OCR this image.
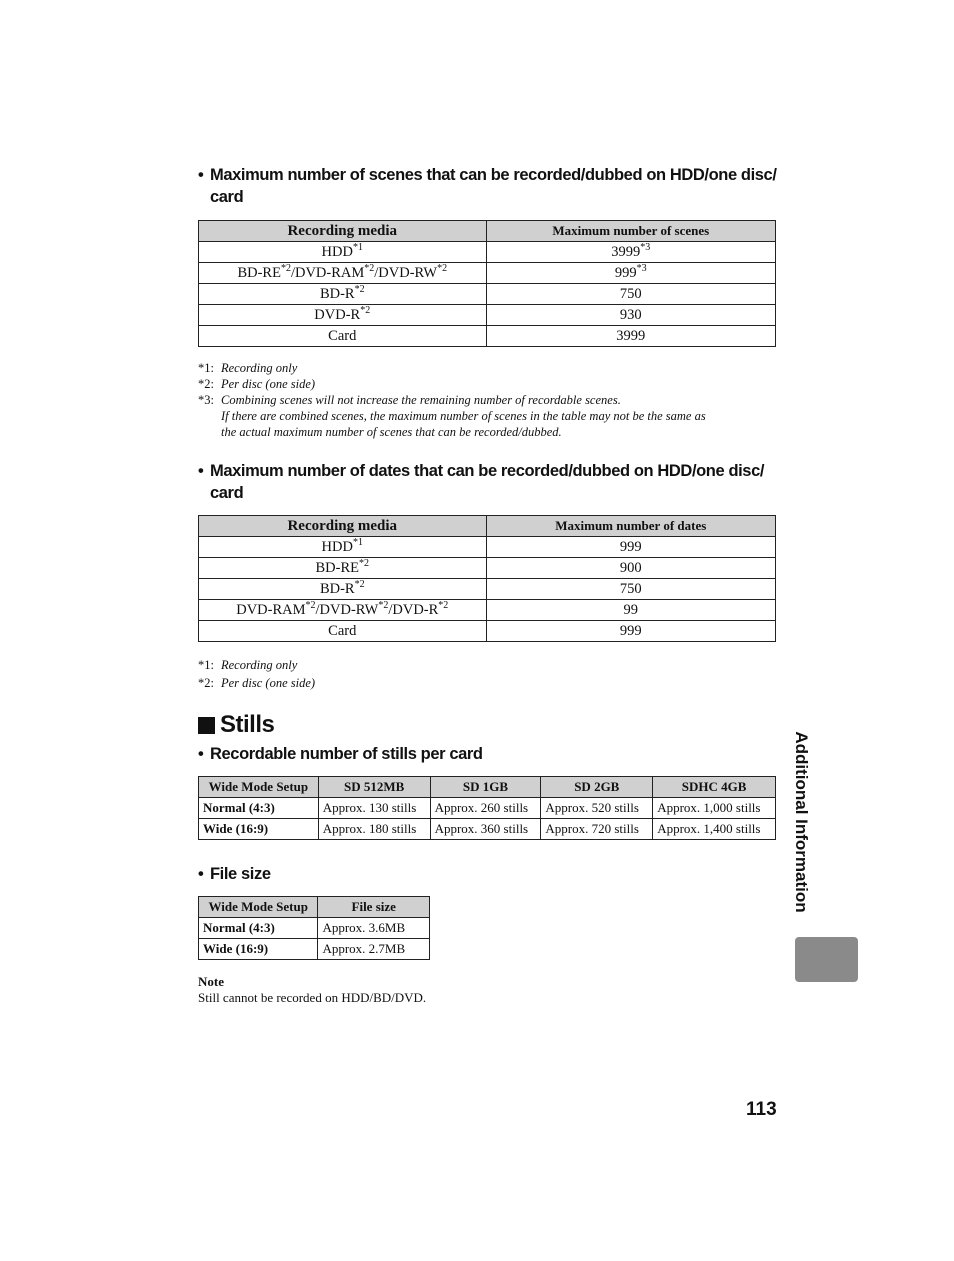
• Maximum number of scenes that can be recorded/dubbed on HDD/one disc/
card
Recording media	Maximum number of scenes
HDD$^{*1}$	3999$^{*3}$
BD-RE$^{*2}$/DVD-RAM$^{*2}$/DVD-RW$^{*2}$	999$^{*3}$
$BD-R^{*2}$	750
DVD-$R^{*2}$	930
Card	3999
*1: Recording only
*2: Per disc (one side)
*3: Combining scenes will not increase the remaining number of recordable scenes.
If there are combined scenes, the maximum number of scenes in the table may not be the same as
the actual maximum number of scenes that can be recorded/dubbed.
• Maximum number of dates that can be recorded/dubbed on HDD/one disc/
card
Recording media	Maximum number of dates
HDD$^{*1}$	999
BD-RE$^{*2}$	900
$BD-R^{*2}$	750
DVD-$RAM^{*2}/DVD-RW^{*2}/DVD-R^{*2}$	99
Card	999
*1: Recording only
*2: Per disc (one side)
Stills
• Recordable number of stills per card
Wide Mode Setup	SD 512MB	SD 1GB	SD 2GB	SDHC 4GB
Normal (4:3)	Approx. 130 stills	Approx. 260 stills	Approx. 520 stills	Approx. 1,000 stills
Wide (16:9)	Approx. 180 stills	Approx. 360 stills	Approx. 720 stills	Approx. 1,400 stills
• File size
Wide Mode Setup	File size
Normal (4:3)	Approx. 3.6MB
Wide (16:9)	Approx. 2.7MB
Note
Still cannot be recorded on HDD/BD/DVD.
Additional Information
113
